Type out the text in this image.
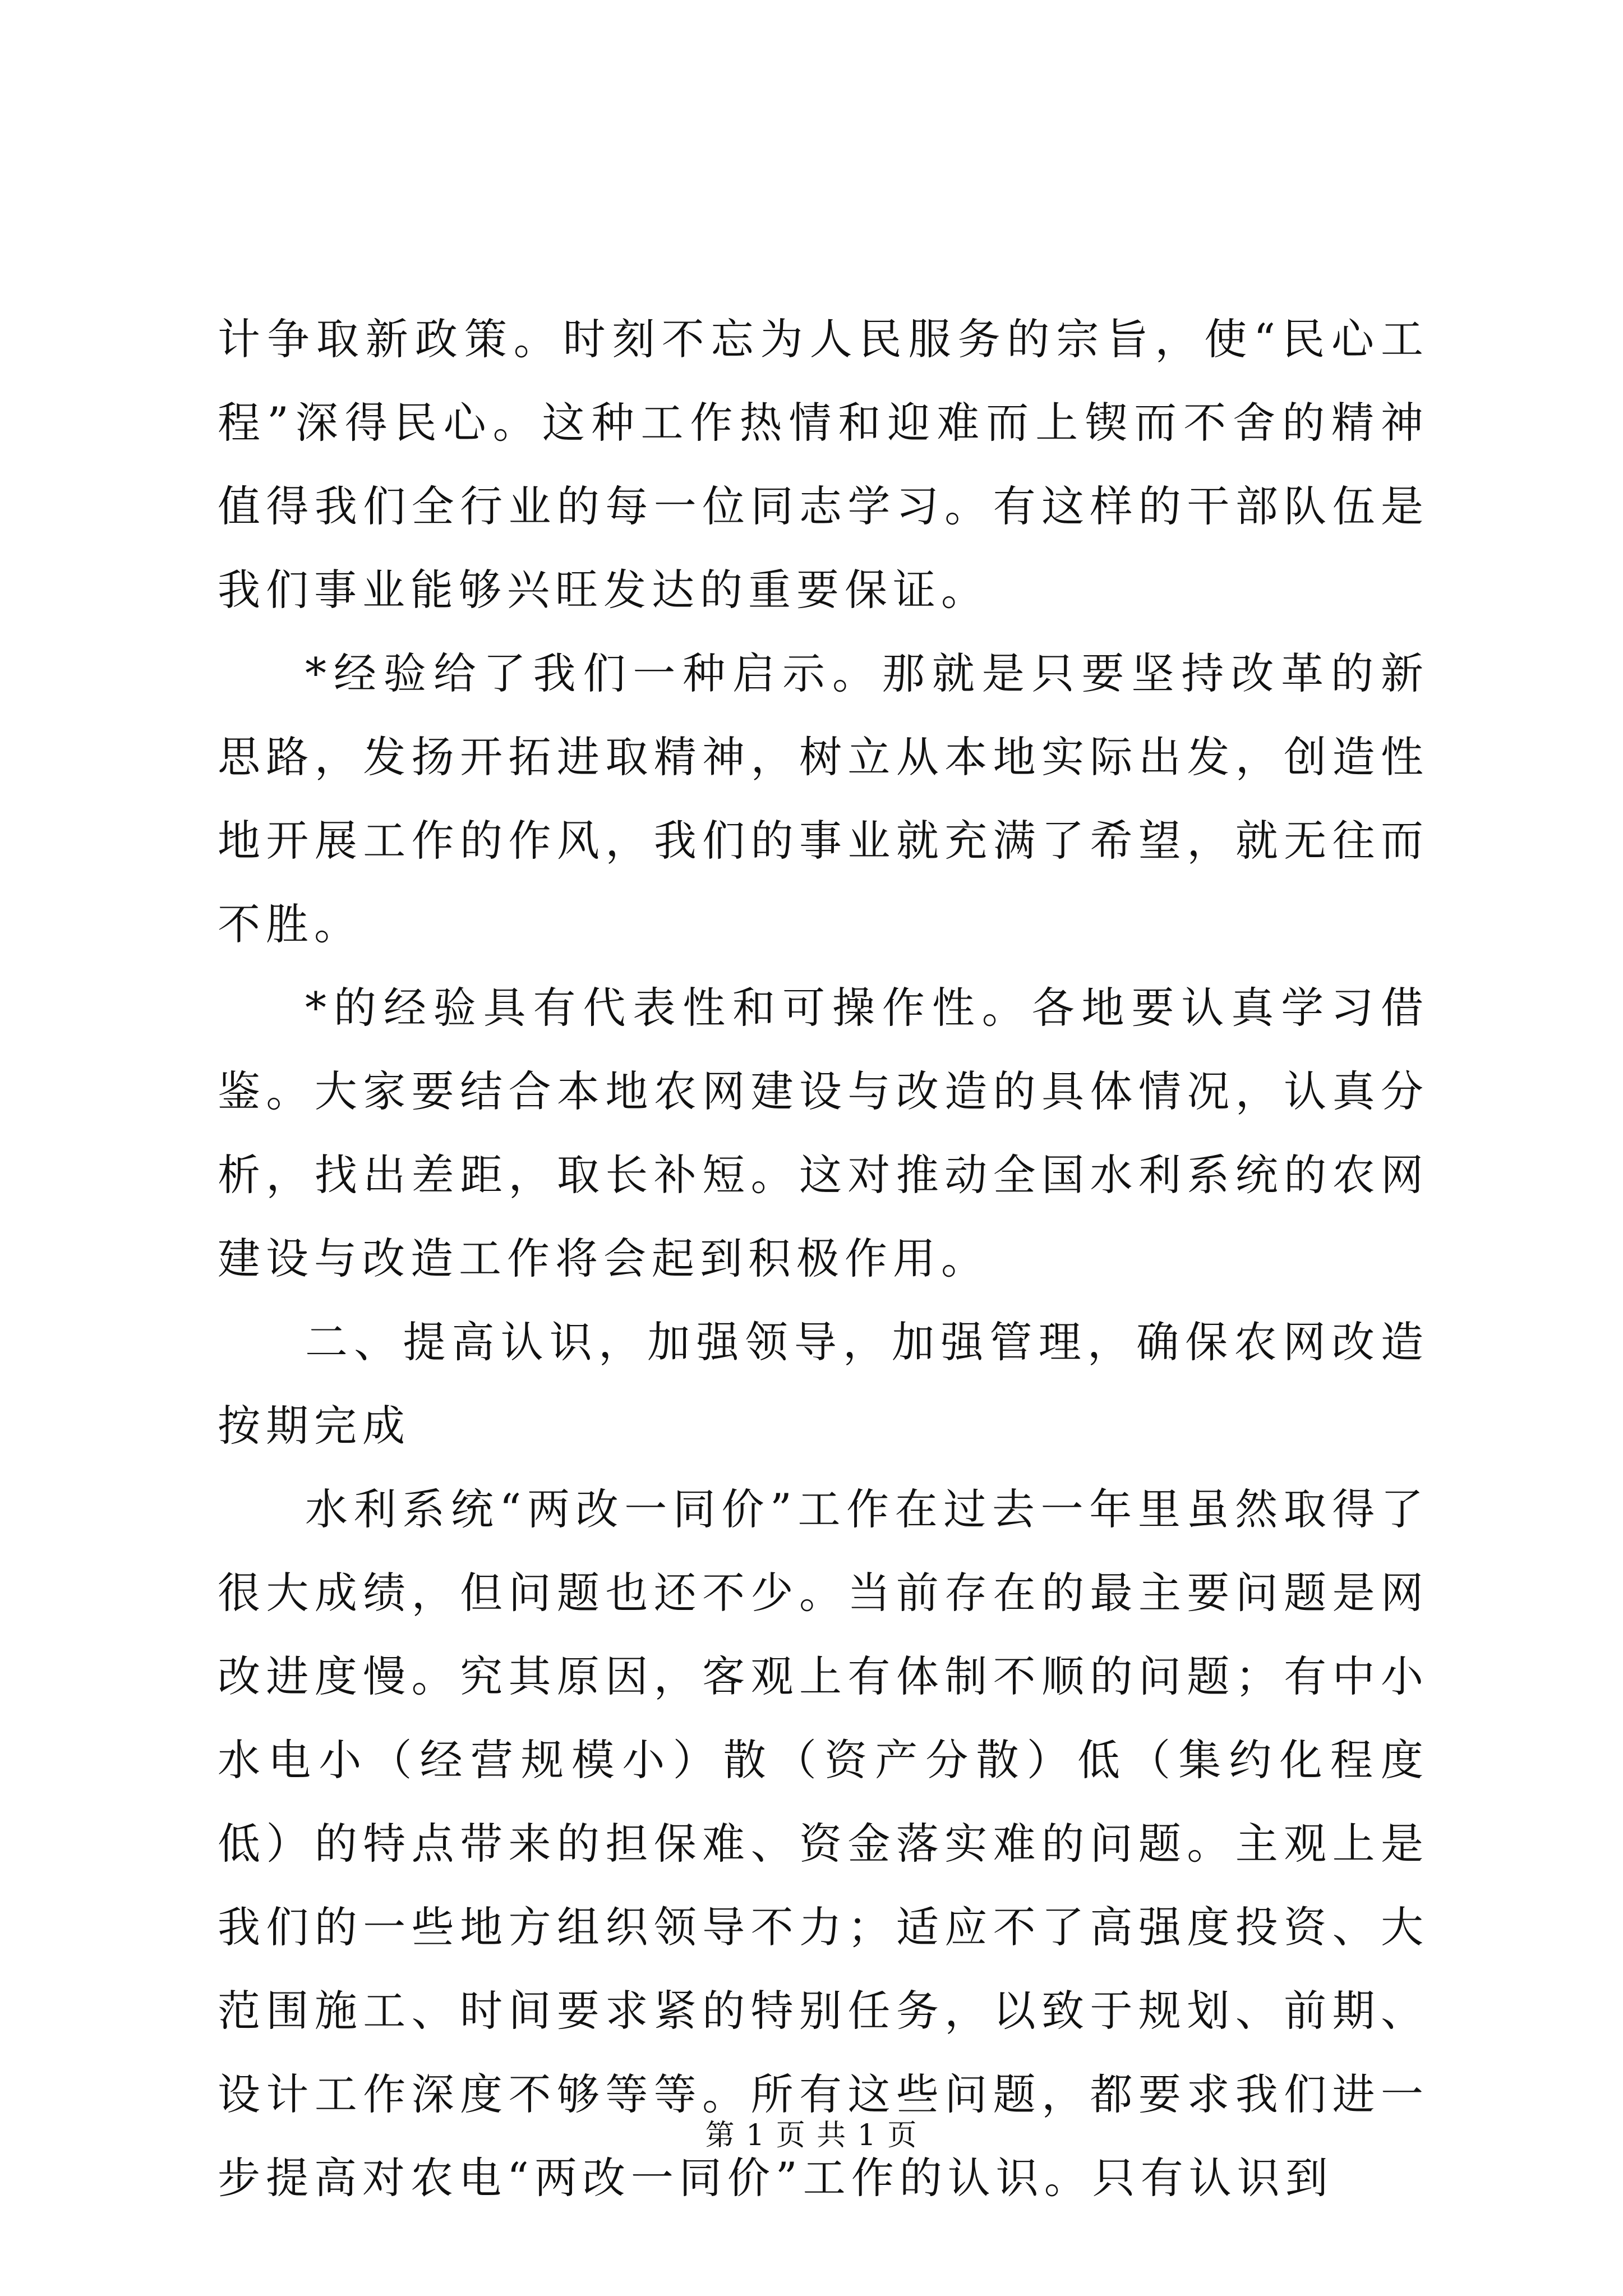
计争取新政策。时刻不忘为人民服务的宗旨，使“民心工程”深得民心。这种工作热情和迎难而上锲而不舍的精神值得我们全行业的每一位同志学习。有这样的干部队伍是我们事业能够兴旺发达的重要保证。

*经验给了我们一种启示。那就是只要坚持改革的新思路，发扬开拓进取精神，树立从本地实际出发，创造性地开展工作的作风，我们的事业就充满了希望，就无往而不胜。

*的经验具有代表性和可操作性。各地要认真学习借鉴。大家要结合本地农网建设与改造的具体情况，认真分析，找出差距，取长补短。这对推动全国水利系统的农网建设与改造工作将会起到积极作用。

二、提高认识，加强领导，加强管理，确保农网改造按期完成

水利系统“两改一同价”工作在过去一年里虽然取得了很大成绩，但问题也还不少。当前存在的最主要问题是网改进度慢。究其原因，客观上有体制不顺的问题；有中小水电小（经营规模小）散（资产分散）低（集约化程度低）的特点带来的担保难、资金落实难的问题。主观上是我们的一些地方组织领导不力；适应不了高强度投资、大范围施工、时间要求紧的特别任务，以致于规划、前期、设计工作深度不够等等。所有这些问题，都要求我们进一步提高对农电“两改一同价”工作的认识。只有认识到

第 1 页 共 1 页
